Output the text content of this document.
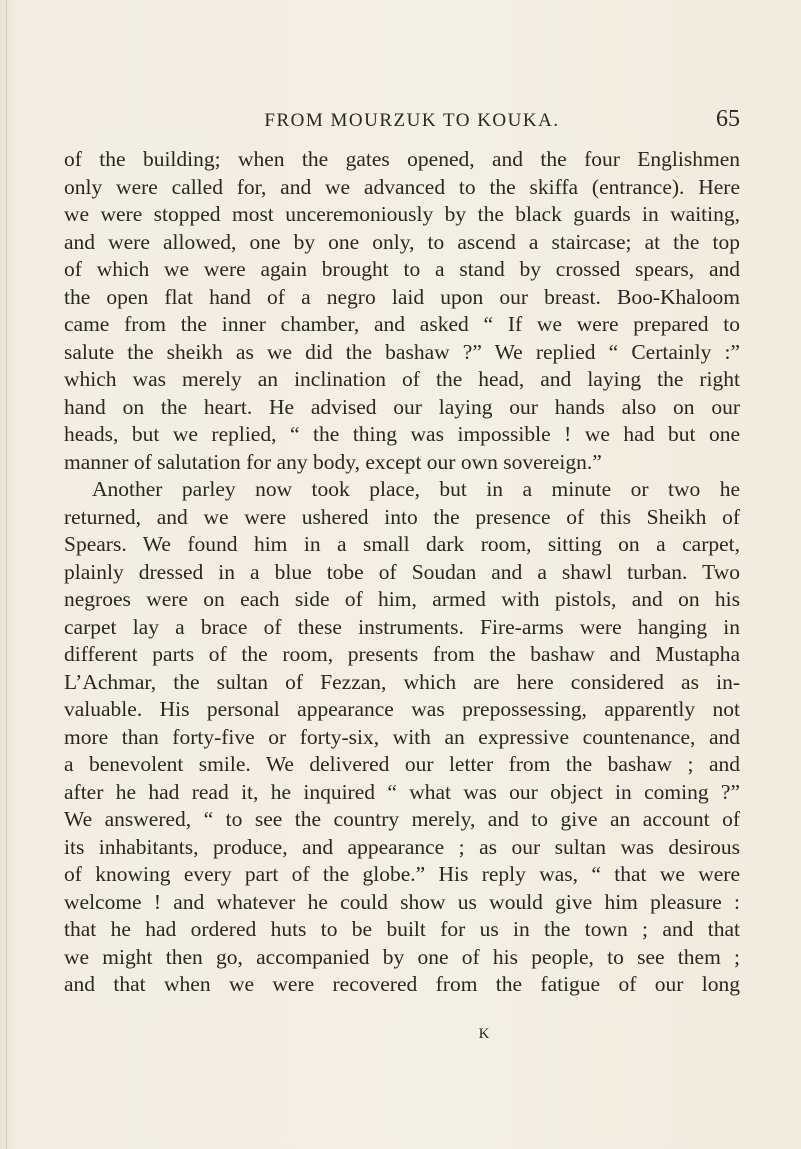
FROM MOURZUK TO KOUKA.	65
of the building; when the gates opened, and the four Englishmen
only were called for, and we advanced to the skiffa (entrance). Here
we were stopped most unceremoniously by the black guards in waiting,
and were allowed, one by one only, to ascend a staircase; at the top
of which we were again brought to a stand by crossed spears, and
the open flat hand of a negro laid upon our breast. Boo-Khaloom
came from the inner chamber, and asked “ If we were prepared to
salute the sheikh as we did the bashaw ?” We replied “ Certainly :”
which was merely an inclination of the head, and laying the right
hand on the heart. He advised our laying our hands also on our
heads, but we replied, “ the thing was impossible ! we had but one
manner of salutation for any body, except our own sovereign.”
Another parley now took place, but in a minute or two he
returned, and we were ushered into the presence of this Sheikh of
Spears. We found him in a small dark room, sitting on a carpet,
plainly dressed in a blue tobe of Soudan and a shawl turban. Two
negroes were on each side of him, armed with pistols, and on his
carpet lay a brace of these instruments. Fire-arms were hanging in
different parts of the room, presents from the bashaw and Mustapha
L’Achmar, the sultan of Fezzan, which are here considered as in-
valuable. His personal appearance was prepossessing, apparently not
more than forty-five or forty-six, with an expressive countenance, and
a benevolent smile. We delivered our letter from the bashaw ; and
after he had read it, he inquired “ what was our object in coming ?”
We answered, “ to see the country merely, and to give an account of
its inhabitants, produce, and appearance ; as our sultan was desirous
of knowing every part of the globe.” His reply was, “ that we were
welcome ! and whatever he could show us would give him pleasure :
that he had ordered huts to be built for us in the town ; and that
we might then go, accompanied by one of his people, to see them ;
and that when we were recovered from the fatigue of our long
K
